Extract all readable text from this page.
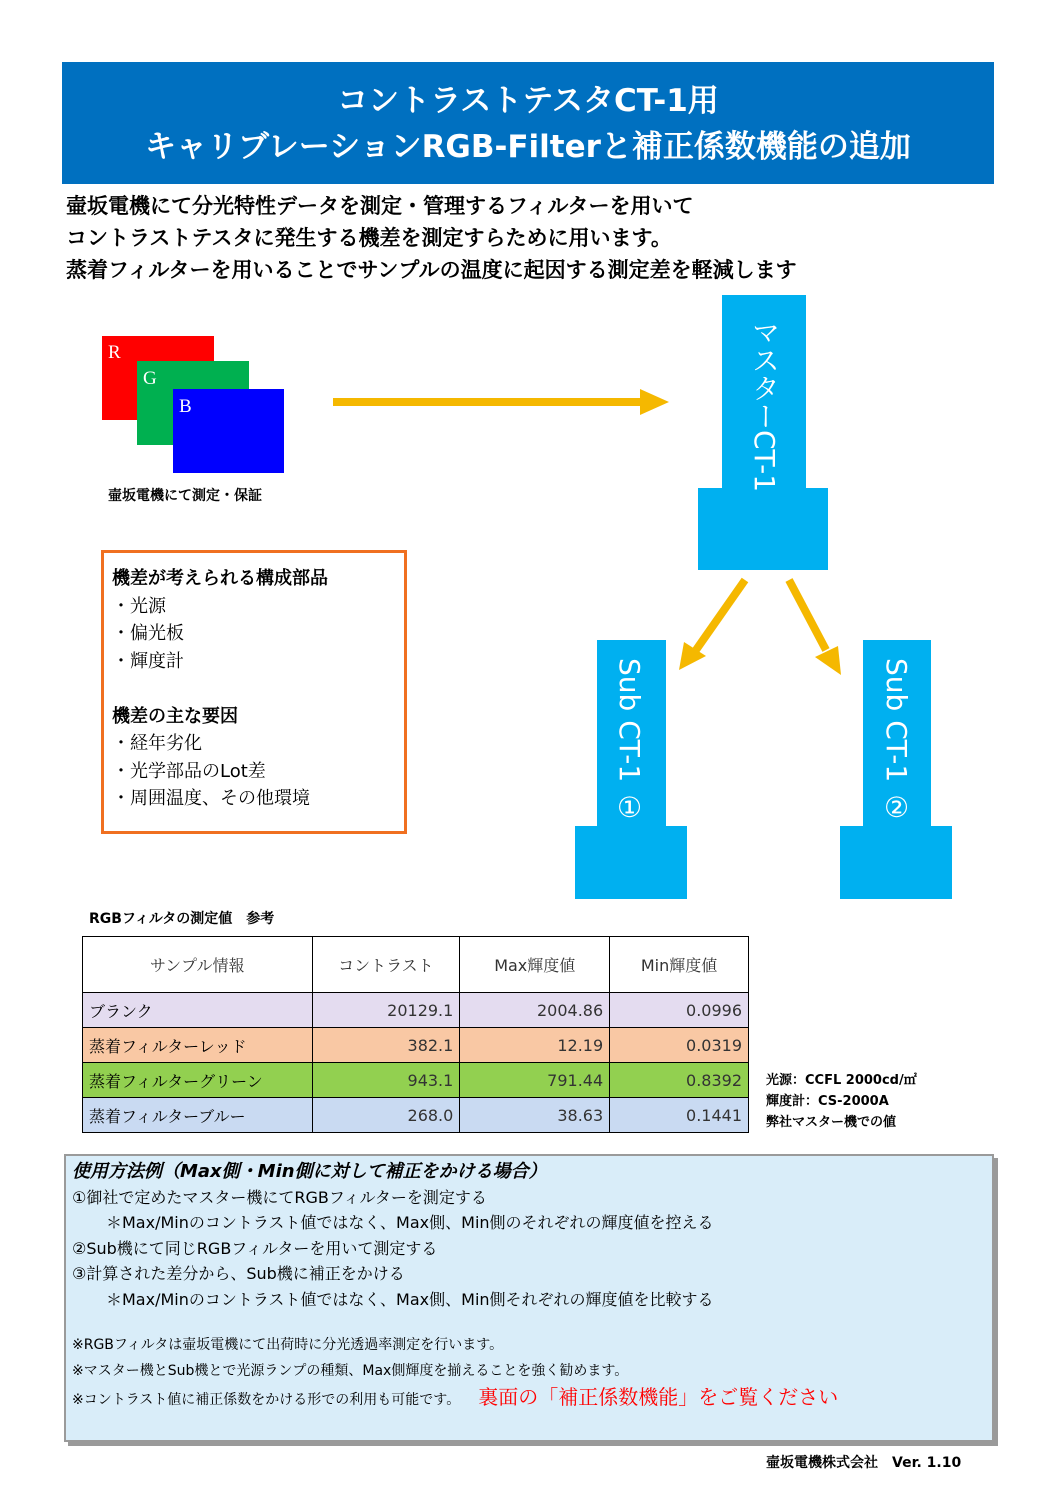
コントラストテスタCT-1用
キャリブレーションRGB-Filterと補正係数機能の追加
壷坂電機にて分光特性データを測定・管理するフィルターを用いて
コントラストテスタに発生する機差を測定すらために用います。
蒸着フィルターを用いることでサンプルの温度に起因する測定差を軽減します
R
G
B
壷坂電機にて測定・保証
マスターCT-1
Sub CT-1 ①	Sub CT-1 ②
機差が考えられる構成部品
・光源
・偏光板
・輝度計
機差の主な要因
・経年劣化
・光学部品のLot差
・周囲温度、その他環境
RGBフィルタの測定値　参考
サンプル情報	コントラスト	Max輝度値	Min輝度値
ブランク	20129.1	2004.86	0.0996
蒸着フィルターレッド	382.1	12.19	0.0319
蒸着フィルターグリーン	943.1	791.44	0.8392
蒸着フィルターブルー	268.0	38.63	0.1441
光源：CCFL 2000cd/㎡
輝度計：CS-2000A
弊社マスター機での値
使用方法例（Max側・Min側に対して補正をかける場合）
①御社で定めたマスター機にてRGBフィルターを測定する
＊Max/Minのコントラスト値ではなく、Max側、Min側のそれぞれの輝度値を控える
②Sub機にて同じRGBフィルターを用いて測定する
③計算された差分から、Sub機に補正をかける
＊Max/Minのコントラスト値ではなく、Max側、Min側それぞれの輝度値を比較する
※RGBフィルタは壷坂電機にて出荷時に分光透過率測定を行います。
※マスター機とSub機とで光源ランプの種類、Max側輝度を揃えることを強く勧めます。
※コントラスト値に補正係数をかける形での利用も可能です。 裏面の「補正係数機能」をご覧ください
壷坂電機株式会社　Ver. 1.10
